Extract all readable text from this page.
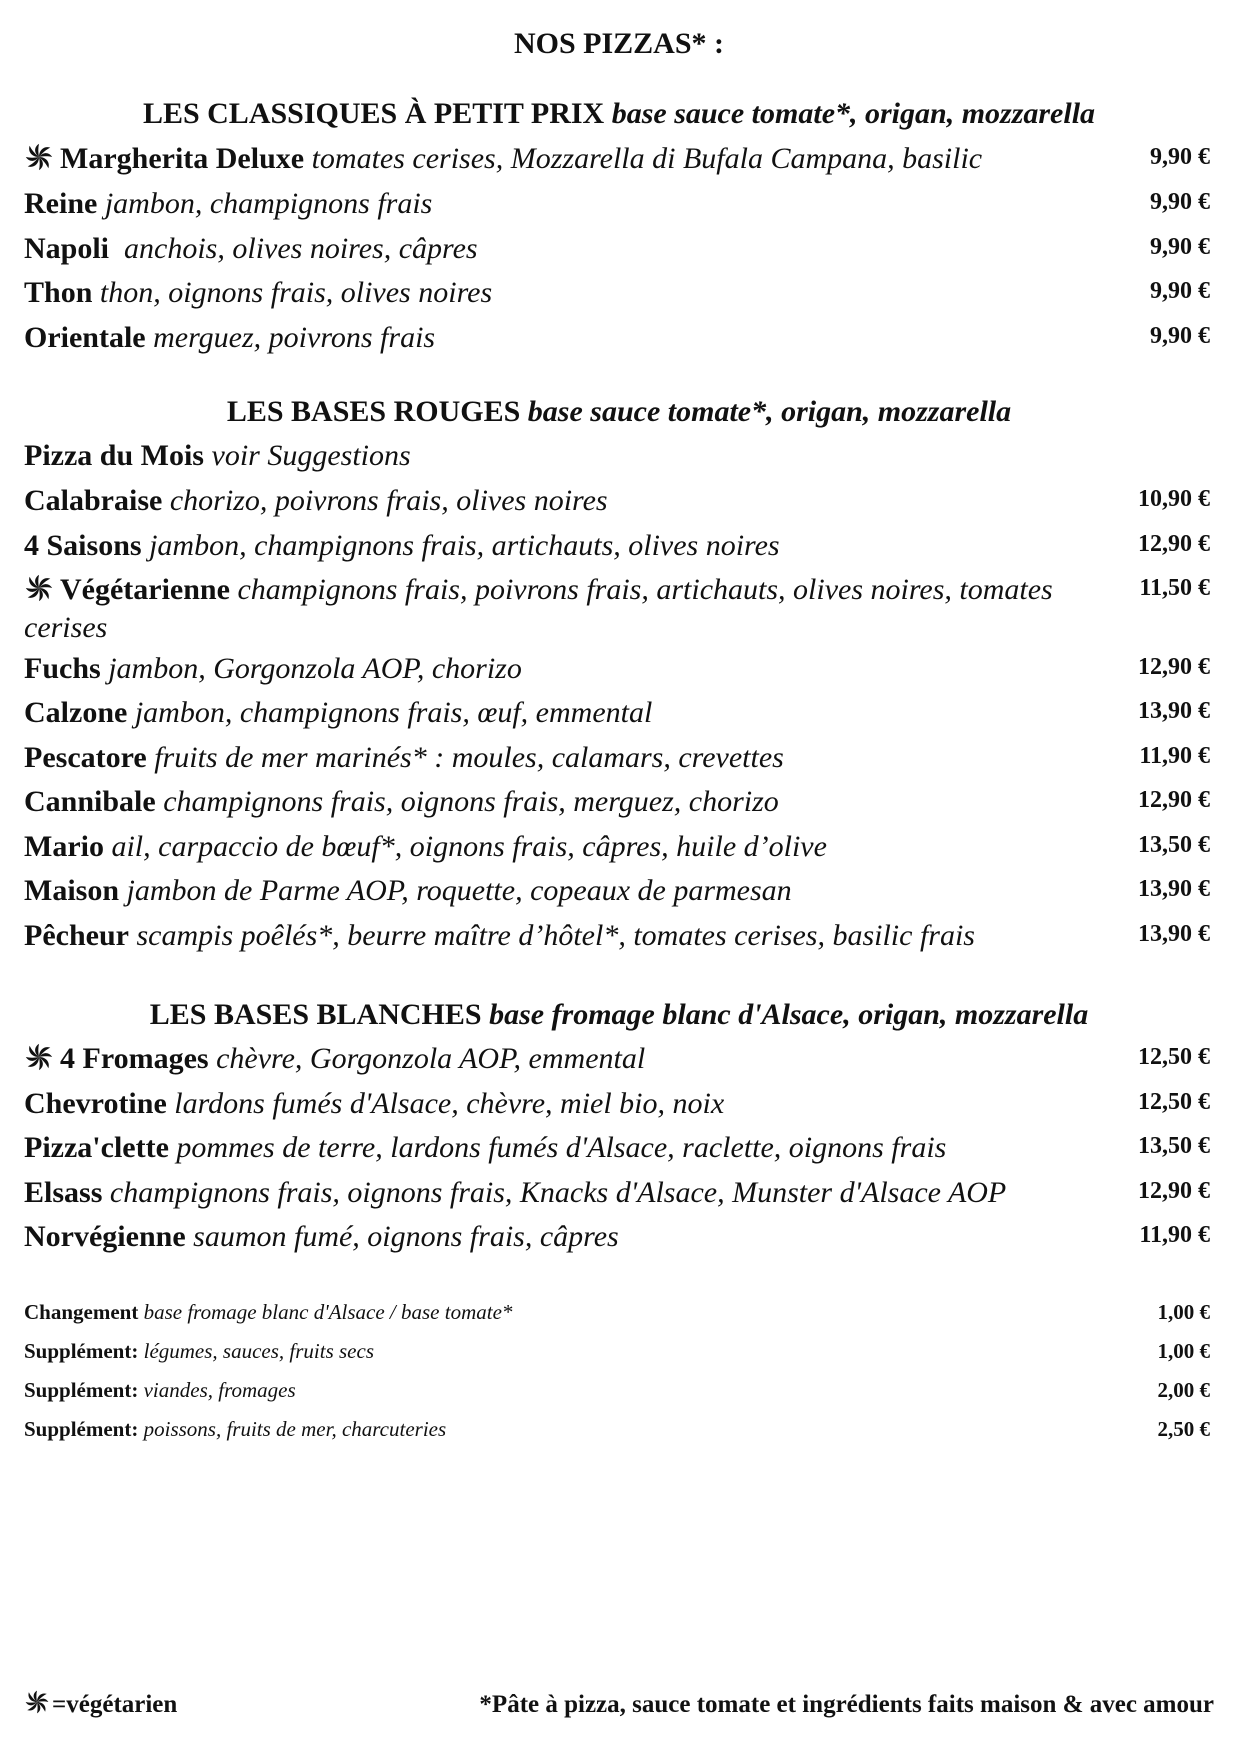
NOS PIZZAS* :
LES CLASSIQUES À PETIT PRIX base sauce tomate*, origan, mozzarella
Margherita Deluxe tomates cerises, Mozzarella di Bufala Campana, basilic	9,90 €
Reine jambon, champignons frais	9,90 €
Napoli anchois, olives noires, câpres	9,90 €
Thon thon, oignons frais, olives noires	9,90 €
Orientale merguez, poivrons frais	9,90 €
LES BASES ROUGES base sauce tomate*, origan, mozzarella
Pizza du Mois voir Suggestions
Calabraise chorizo, poivrons frais, olives noires	10,90 €
4 Saisons jambon, champignons frais, artichauts, olives noires	12,90 €
Végétarienne champignons frais, poivrons frais, artichauts, olives noires, tomates cerises
11,50 €
Fuchs jambon, Gorgonzola AOP, chorizo	12,90 €
Calzone jambon, champignons frais, œuf, emmental	13,90 €
Pescatore fruits de mer marinés* : moules, calamars, crevettes	11,90 €
Cannibale champignons frais, oignons frais, merguez, chorizo	12,90 €
Mario ail, carpaccio de bœuf*, oignons frais, câpres, huile d’olive	13,50 €
Maison jambon de Parme AOP, roquette, copeaux de parmesan	13,90 €
Pêcheur scampis poêlés*, beurre maître d’hôtel*, tomates cerises, basilic frais	13,90 €
LES BASES BLANCHES base fromage blanc d'Alsace, origan, mozzarella
4 Fromages chèvre, Gorgonzola AOP, emmental	12,50 €
Chevrotine lardons fumés d'Alsace, chèvre, miel bio, noix	12,50 €
Pizza'clette pommes de terre, lardons fumés d'Alsace, raclette, oignons frais	13,50 €
Elsass champignons frais, oignons frais, Knacks d'Alsace, Munster d'Alsace AOP	12,90 €
Norvégienne saumon fumé, oignons frais, câpres	11,90 €
Changement base fromage blanc d'Alsace / base tomate*	1,00 €
Supplément: légumes, sauces, fruits secs	1,00 €
Supplément: viandes, fromages	2,00 €
Supplément: poissons, fruits de mer, charcuteries	2,50 €
=végétarien	*Pâte à pizza, sauce tomate et ingrédients faits maison & avec amour
